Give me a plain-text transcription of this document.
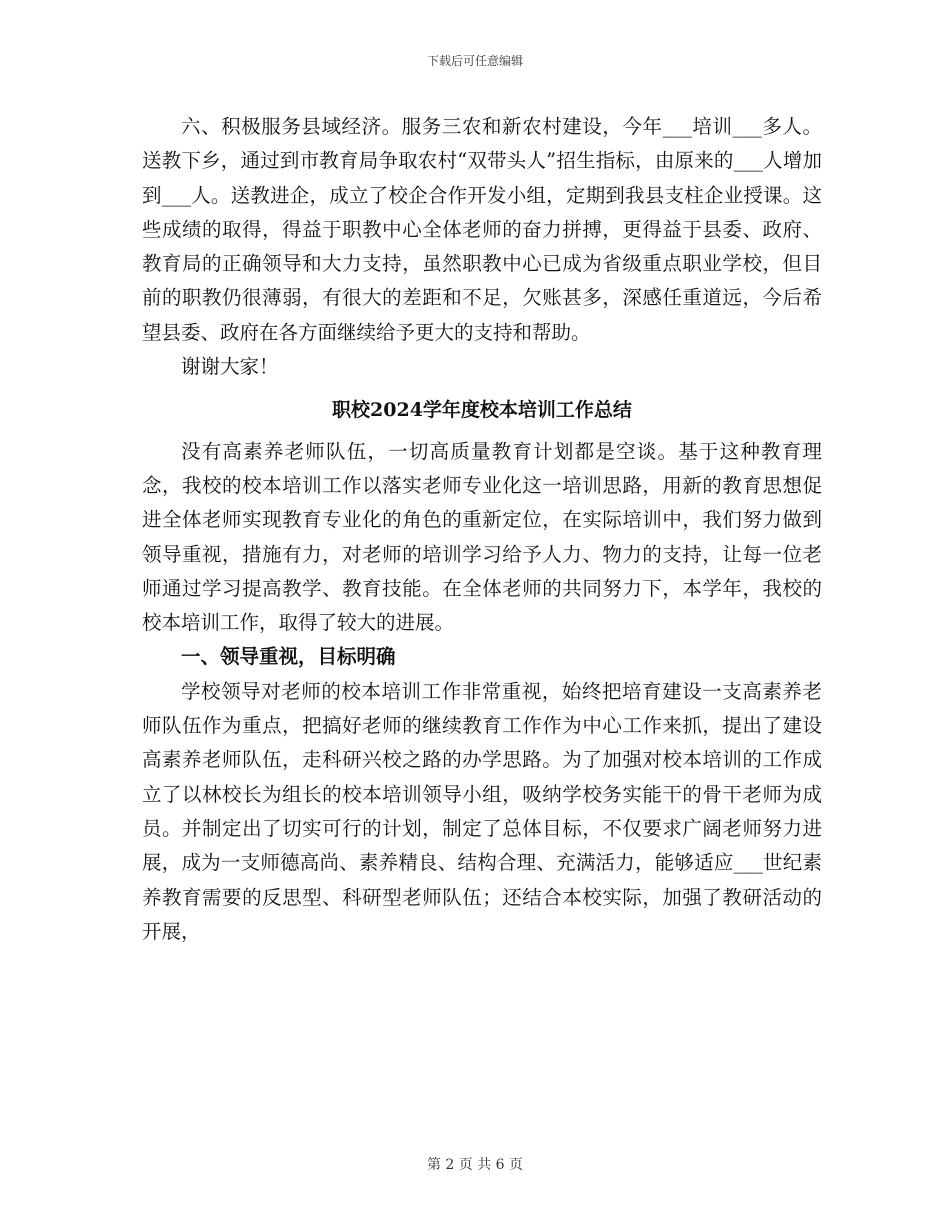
下载后可任意编辑

六、积极服务县域经济。服务三农和新农村建设，今年___培训___多人。送教下乡，通过到市教育局争取农村“双带头人”招生指标，由原来的___人增加到___人。送教进企，成立了校企合作开发小组，定期到我县支柱企业授课。这些成绩的取得，得益于职教中心全体老师的奋力拼搏，更得益于县委、政府、教育局的正确领导和大力支持，虽然职教中心已成为省级重点职业学校，但目前的职教仍很薄弱，有很大的差距和不足，欠账甚多，深感任重道远，今后希望县委、政府在各方面继续给予更大的支持和帮助。

谢谢大家！

职校2024学年度校本培训工作总结

没有高素养老师队伍，一切高质量教育计划都是空谈。基于这种教育理念，我校的校本培训工作以落实老师专业化这一培训思路，用新的教育思想促进全体老师实现教育专业化的角色的重新定位，在实际培训中，我们努力做到领导重视，措施有力，对老师的培训学习给予人力、物力的支持，让每一位老师通过学习提高教学、教育技能。在全体老师的共同努力下，本学年，我校的校本培训工作，取得了较大的进展。

一、领导重视，目标明确

学校领导对老师的校本培训工作非常重视，始终把培育建设一支高素养老师队伍作为重点，把搞好老师的继续教育工作作为中心工作来抓，提出了建设高素养老师队伍，走科研兴校之路的办学思路。为了加强对校本培训的工作成立了以林校长为组长的校本培训领导小组，吸纳学校务实能干的骨干老师为成员。并制定出了切实可行的计划，制定了总体目标，不仅要求广阔老师努力进展，成为一支师德高尚、素养精良、结构合理、充满活力，能够适应___世纪素养教育需要的反思型、科研型老师队伍；还结合本校实际，加强了教研活动的开展，

第 2 页 共 6 页
